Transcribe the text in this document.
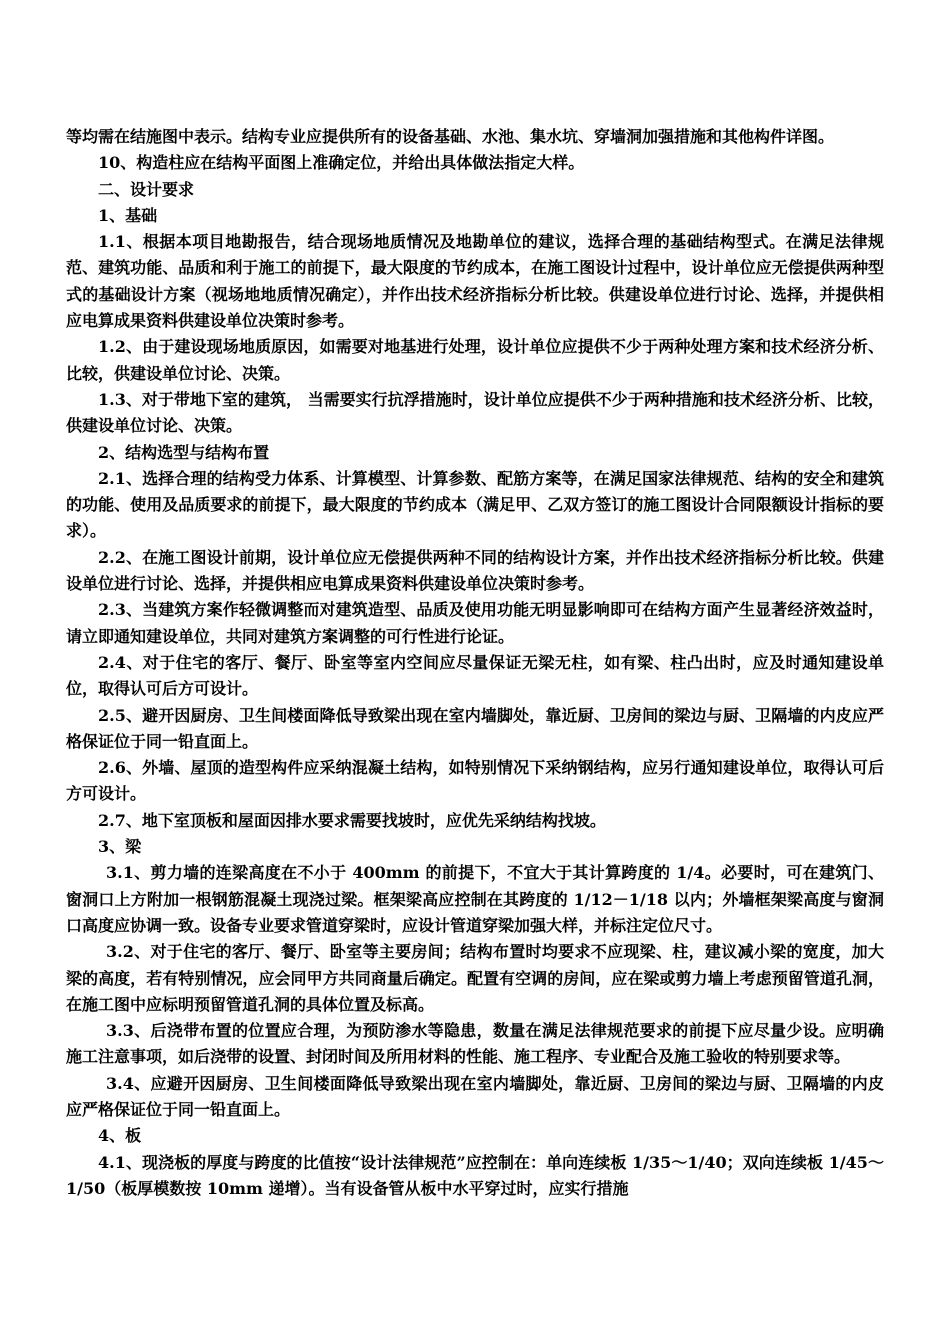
等均需在结施图中表示。结构专业应提供所有的设备基础、水池、集水坑、穿墙洞加强措施和其他构件详图。

10、构造柱应在结构平面图上准确定位，并给出具体做法指定大样。

二、设计要求

1、基础

1.1、根据本项目地勘报告，结合现场地质情况及地勘单位的建议，选择合理的基础结构型式。在满足法律规范、建筑功能、品质和利于施工的前提下，最大限度的节约成本，在施工图设计过程中，设计单位应无偿提供两种型式的基础设计方案（视场地地质情况确定），并作出技术经济指标分析比较。供建设单位进行讨论、选择，并提供相应电算成果资料供建设单位决策时参考。

1.2、由于建设现场地质原因，如需要对地基进行处理，设计单位应提供不少于两种处理方案和技术经济分析、比较，供建设单位讨论、决策。

1.3、对于带地下室的建筑， 当需要实行抗浮措施时，设计单位应提供不少于两种措施和技术经济分析、比较，供建设单位讨论、决策。

2、结构选型与结构布置

2.1、选择合理的结构受力体系、计算模型、计算参数、配筋方案等，在满足国家法律规范、结构的安全和建筑的功能、使用及品质要求的前提下，最大限度的节约成本（满足甲、乙双方签订的施工图设计合同限额设计指标的要求）。

2.2、在施工图设计前期，设计单位应无偿提供两种不同的结构设计方案，并作出技术经济指标分析比较。供建设单位进行讨论、选择，并提供相应电算成果资料供建设单位决策时参考。

2.3、当建筑方案作轻微调整而对建筑造型、品质及使用功能无明显影响即可在结构方面产生显著经济效益时，请立即通知建设单位，共同对建筑方案调整的可行性进行论证。

2.4、对于住宅的客厅、餐厅、卧室等室内空间应尽量保证无梁无柱，如有梁、柱凸出时，应及时通知建设单位，取得认可后方可设计。

2.5、避开因厨房、卫生间楼面降低导致梁出现在室内墙脚处，靠近厨、卫房间的梁边与厨、卫隔墙的内皮应严格保证位于同一铅直面上。

2.6、外墙、屋顶的造型构件应采纳混凝土结构，如特别情况下采纳钢结构，应另行通知建设单位，取得认可后方可设计。

2.7、地下室顶板和屋面因排水要求需要找坡时，应优先采纳结构找坡。

3、梁

3.1、剪力墙的连梁高度在不小于 400mm 的前提下，不宜大于其计算跨度的 1/4。必要时，可在建筑门、窗洞口上方附加一根钢筋混凝土现浇过梁。框架梁高应控制在其跨度的 1/12－1/18 以内；外墙框架梁高度与窗洞口高度应协调一致。设备专业要求管道穿梁时，应设计管道穿梁加强大样，并标注定位尺寸。

3.2、对于住宅的客厅、餐厅、卧室等主要房间；结构布置时均要求不应现梁、柱，建议减小梁的宽度，加大梁的高度，若有特别情况，应会同甲方共同商量后确定。配置有空调的房间，应在梁或剪力墙上考虑预留管道孔洞，在施工图中应标明预留管道孔洞的具体位置及标高。

3.3、后浇带布置的位置应合理，为预防渗水等隐患，数量在满足法律规范要求的前提下应尽量少设。应明确施工注意事项，如后浇带的设置、封闭时间及所用材料的性能、施工程序、专业配合及施工验收的特别要求等。

3.4、应避开因厨房、卫生间楼面降低导致梁出现在室内墙脚处，靠近厨、卫房间的梁边与厨、卫隔墙的内皮应严格保证位于同一铅直面上。

4、板

4.1、现浇板的厚度与跨度的比值按“设计法律规范”应控制在：单向连续板 1/35～1/40；双向连续板 1/45～1/50（板厚模数按 10mm 递增）。当有设备管从板中水平穿过时，应实行措施
